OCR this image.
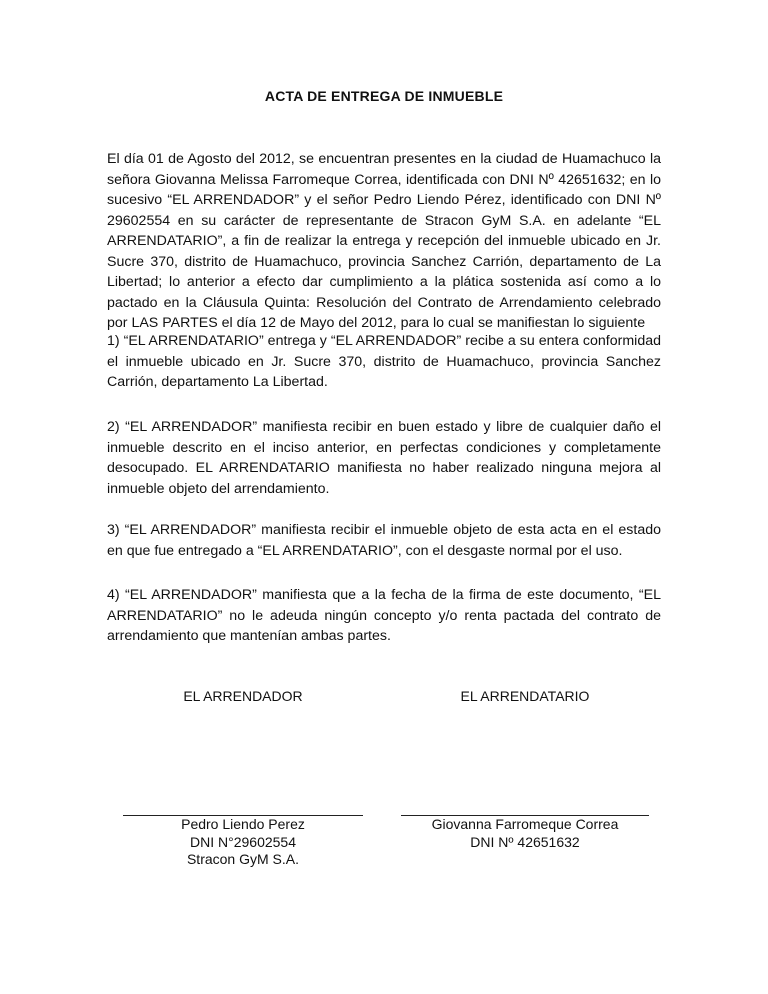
ACTA DE ENTREGA DE INMUEBLE

El día 01 de Agosto del 2012, se encuentran presentes en la ciudad de Huamachuco la señora Giovanna Melissa Farromeque Correa, identificada con DNI Nº 42651632; en lo sucesivo “EL ARRENDADOR” y el señor Pedro Liendo Pérez, identificado con DNI Nº 29602554 en su carácter de representante de Stracon GyM S.A. en adelante “EL ARRENDATARIO”, a fin de realizar la entrega y recepción del inmueble ubicado en Jr. Sucre 370, distrito de Huamachuco, provincia Sanchez Carrión, departamento de La Libertad; lo anterior a efecto dar cumplimiento a la plática sostenida así como a lo pactado en la Cláusula Quinta: Resolución del Contrato de Arrendamiento celebrado por LAS PARTES el día 12 de Mayo del 2012, para lo cual se manifiestan lo siguiente

1) “EL ARRENDATARIO” entrega y “EL ARRENDADOR” recibe a su entera conformidad el inmueble ubicado en Jr. Sucre 370, distrito de Huamachuco, provincia Sanchez Carrión, departamento La Libertad.

2) “EL ARRENDADOR” manifiesta recibir en buen estado y libre de cualquier daño el inmueble descrito en el inciso anterior, en perfectas condiciones y completamente desocupado. EL ARRENDATARIO manifiesta no haber realizado ninguna mejora al inmueble objeto del arrendamiento.

3) “EL ARRENDADOR” manifiesta recibir el inmueble objeto de esta acta en el estado en que fue entregado a “EL ARRENDATARIO”, con el desgaste normal por el uso.

4) “EL ARRENDADOR” manifiesta que a la fecha de la firma de este documento, “EL ARRENDATARIO” no le adeuda ningún concepto y/o renta pactada del contrato de arrendamiento que mantenían ambas partes.

EL ARRENDADOR	EL ARRENDATARIO
Pedro Liendo Perez
DNI N°29602554
Stracon GyM S.A.
Giovanna Farromeque Correa
DNI Nº 42651632
